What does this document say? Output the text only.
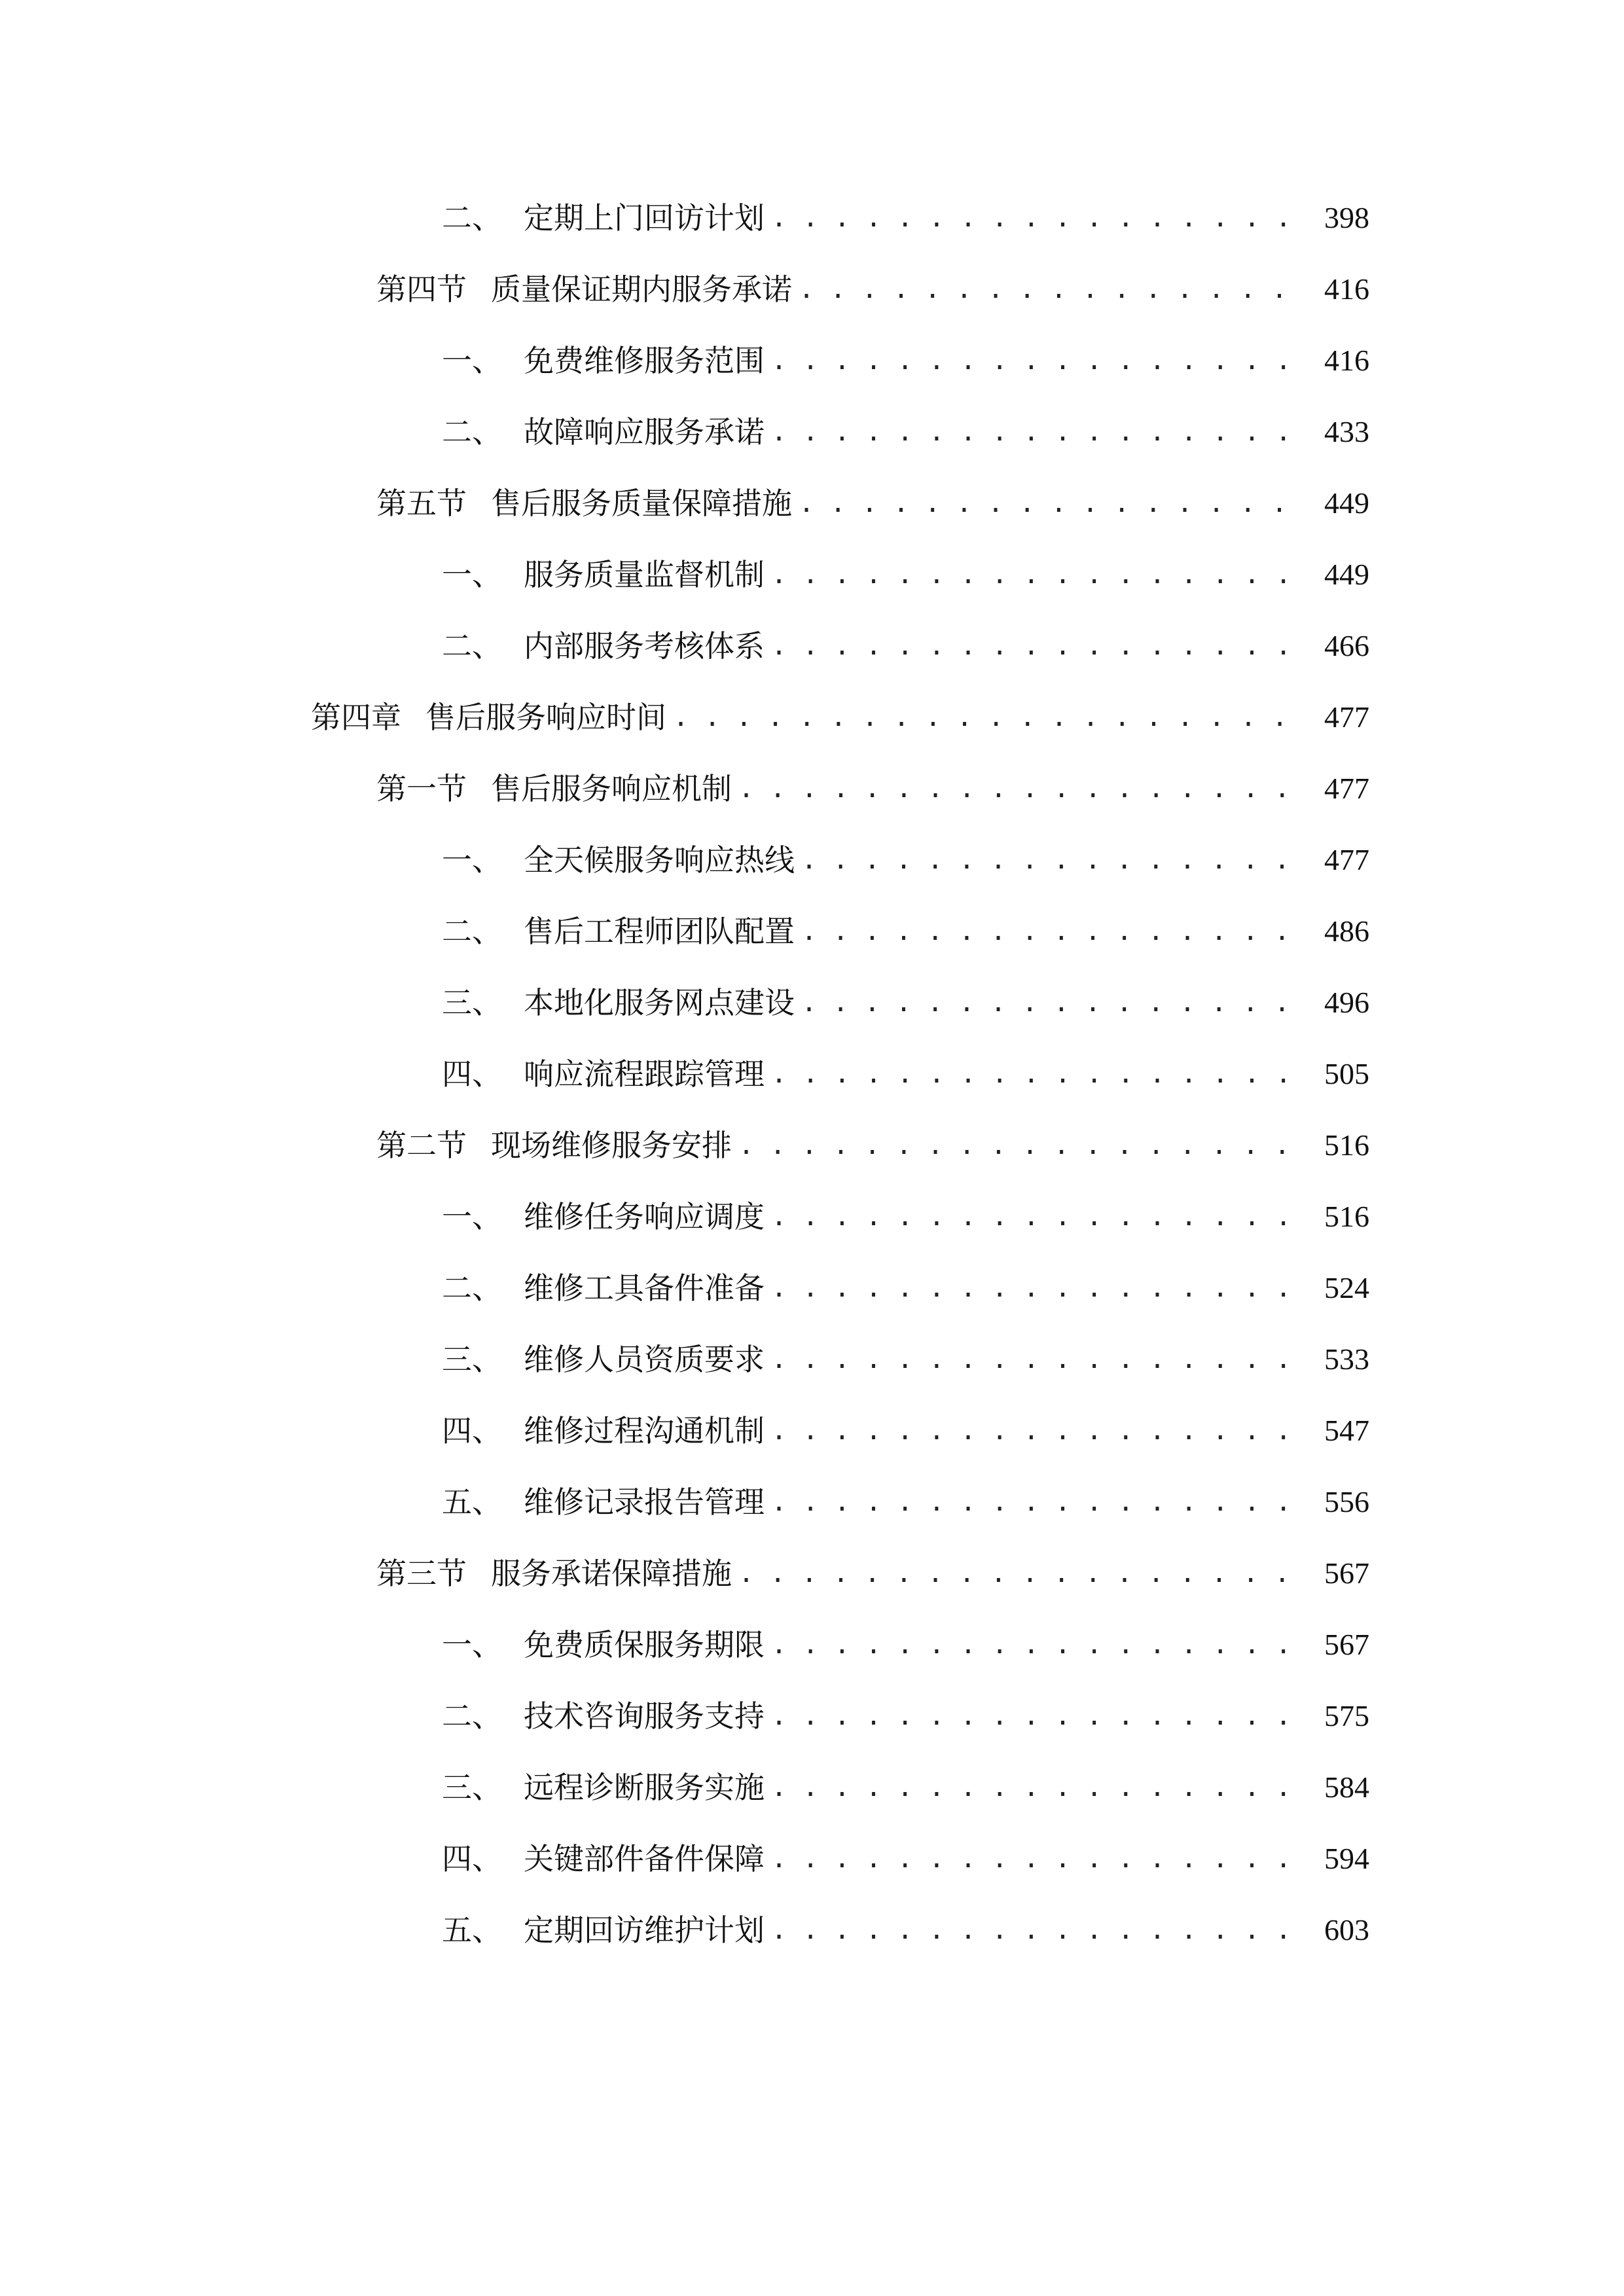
二、 定期上门回访计划 . . .	398
第四节 质量保证期内服务承诺 . . .	416
一、 免费维修服务范围 . . .	416
二、 故障响应服务承诺 . . .	433
第五节 售后服务质量保障措施 . . .	449
一、 服务质量监督机制 . . .	449
二、 内部服务考核体系 . . .	466
第四章 售后服务响应时间 . . .	477
第一节 售后服务响应机制 . . .	477
一、 全天候服务响应热线 . . .	477
二、 售后工程师团队配置 . . .	486
三、 本地化服务网点建设 . . .	496
四、 响应流程跟踪管理 . . .	505
第二节 现场维修服务安排 . . .	516
一、 维修任务响应调度 . . .	516
二、 维修工具备件准备 . . .	524
三、 维修人员资质要求 . . .	533
四、 维修过程沟通机制 . . .	547
五、 维修记录报告管理 . . .	556
第三节 服务承诺保障措施 . . .	567
一、 免费质保服务期限 . . .	567
二、 技术咨询服务支持 . . .	575
三、 远程诊断服务实施 . . .	584
四、 关键部件备件保障 . . .	594
五、 定期回访维护计划 . . .	603
